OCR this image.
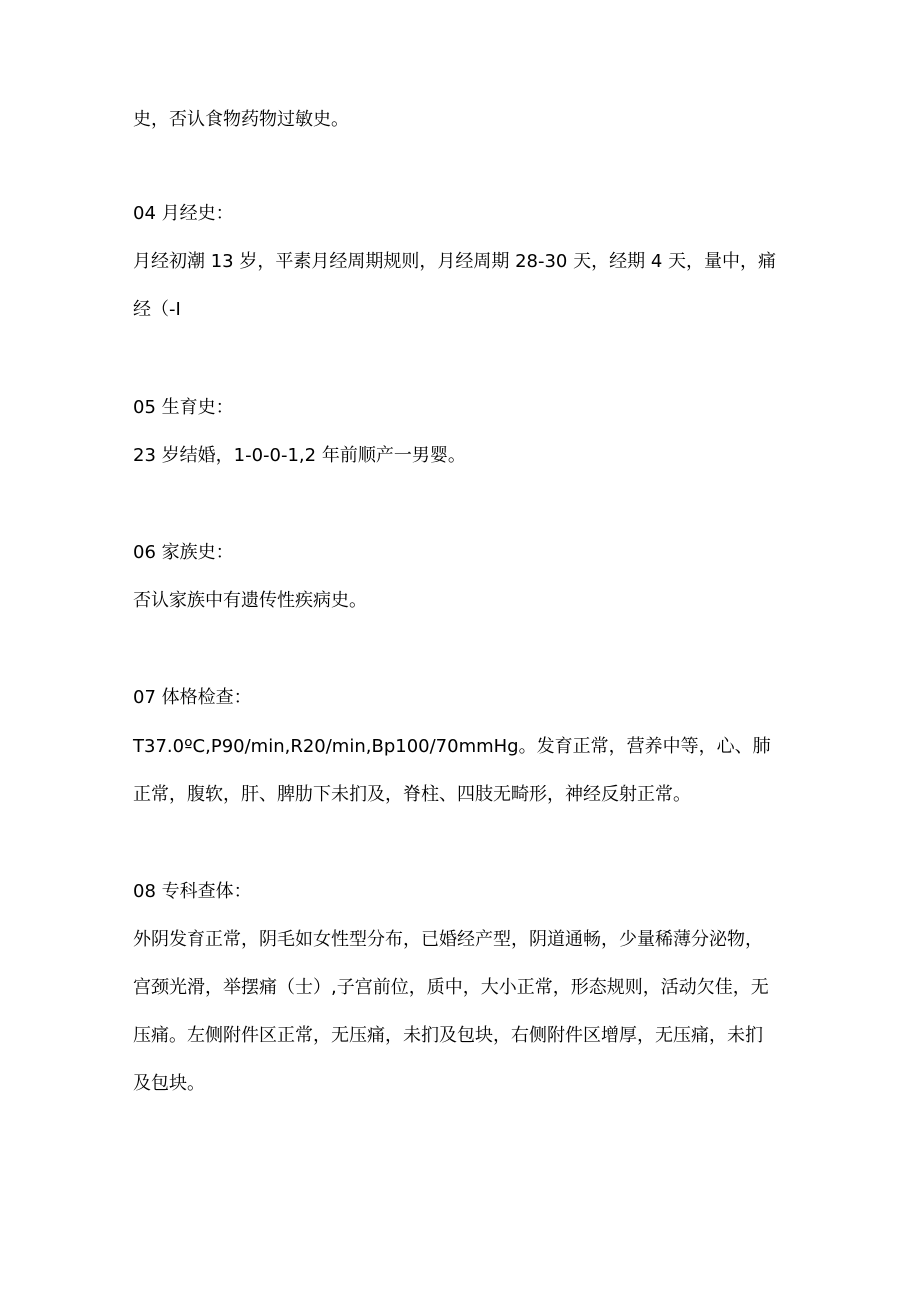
史，否认食物药物过敏史。
04 月经史：
月经初潮 13 岁，平素月经周期规则，月经周期 28-30 天，经期 4 天，量中，痛
经（-I
05 生育史：
23 岁结婚，1-0-0-1,2 年前顺产一男婴。
06 家族史：
否认家族中有遗传性疾病史。
07 体格检查：
T37.0ºC,P90/min,R20/min,Bp100/70mmHg。发育正常，营养中等，心、肺
正常，腹软，肝、脾肋下未扪及，脊柱、四肢无畸形，神经反射正常。
08 专科查体：
外阴发育正常，阴毛如女性型分布，已婚经产型，阴道通畅，少量稀薄分泌物，
宫颈光滑，举摆痛（士）,子宫前位，质中，大小正常，形态规则，活动欠佳，无
压痛。左侧附件区正常，无压痛，未扪及包块，右侧附件区增厚，无压痛，未扪
及包块。
